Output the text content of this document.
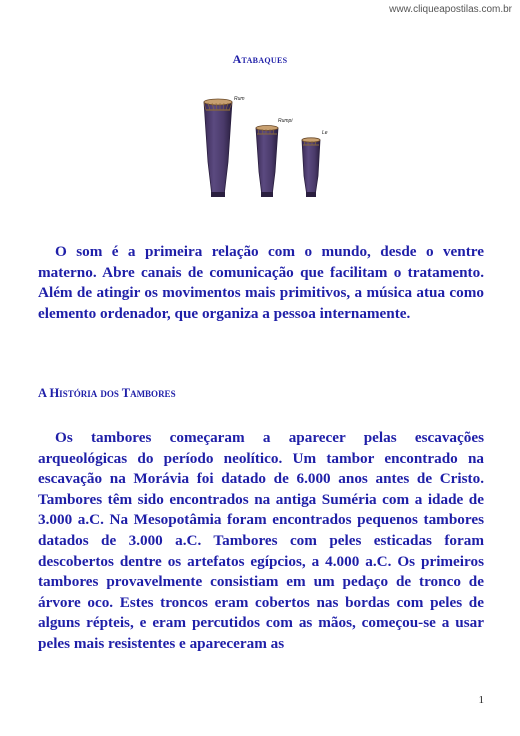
www.cliqueapostilas.com.br
Atabaques
Rum
Rumpi
Le

O som é a primeira relação com o mundo, desde o ventre materno. Abre canais de comunicação que facilitam o tratamento. Além de atingir os movimentos mais primitivos, a música atua como elemento ordenador, que organiza a pessoa internamente.

A História dos Tambores

Os tambores começaram a aparecer pelas escavações arqueológicas do período neolítico. Um tambor encontrado na escavação na Morávia foi datado de 6.000 anos antes de Cristo. Tambores têm sido encontrados na antiga Suméria com a idade de 3.000 a.C. Na Mesopotâmia foram encontrados pequenos tambores datados de 3.000 a.C. Tambores com peles esticadas foram descobertos dentre os artefatos egípcios, a 4.000 a.C. Os primeiros tambores provavelmente consistiam em um pedaço de tronco de árvore oco. Estes troncos eram cobertos nas bordas com peles de alguns répteis, e eram percutidos com as mãos, começou-se a usar peles mais resistentes e apareceram as

1
